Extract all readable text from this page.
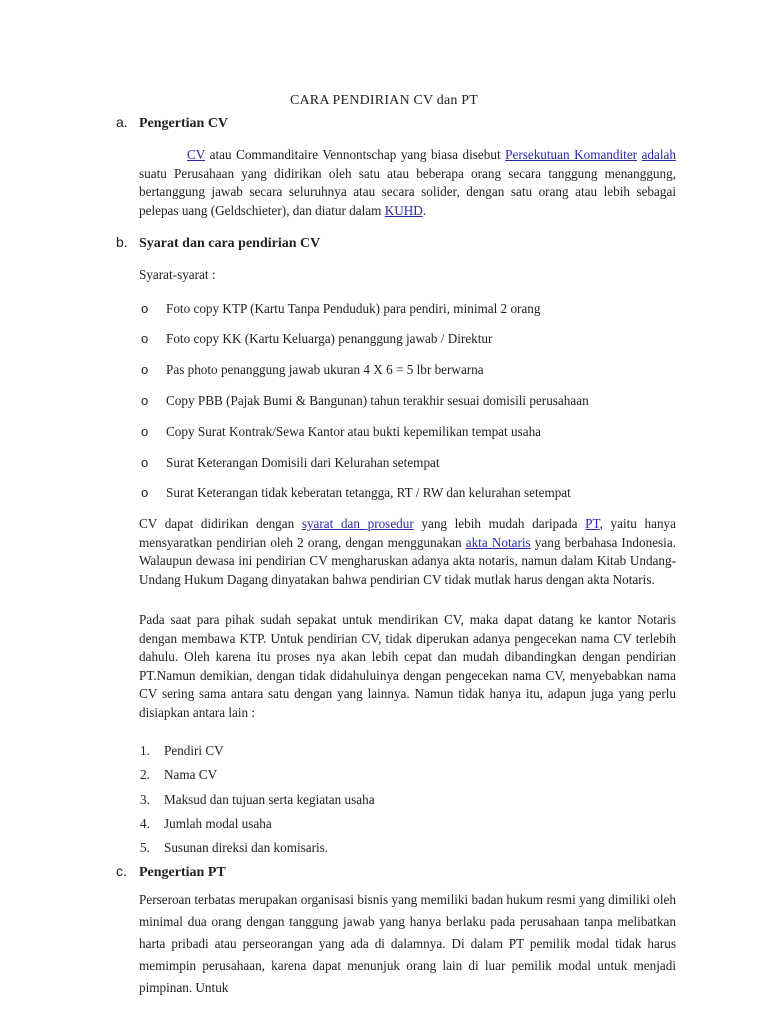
CARA PENDIRIAN CV dan PT
a. Pengertian CV
CV atau Commanditaire Vennontschap yang biasa disebut Persekutuan Komanditer adalah suatu Perusahaan yang didirikan oleh satu atau beberapa orang secara tanggung menanggung, bertanggung jawab secara seluruhnya atau secara solider, dengan satu orang atau lebih sebagai pelepas uang (Geldschieter), dan diatur dalam KUHD.
b. Syarat dan cara pendirian CV
Syarat-syarat :
o Foto copy KTP (Kartu Tanpa Penduduk) para pendiri, minimal 2 orang
o Foto copy KK (Kartu Keluarga) penanggung jawab / Direktur
o Pas photo penanggung jawab ukuran 4 X 6 = 5 lbr berwarna
o Copy PBB (Pajak Bumi & Bangunan) tahun terakhir sesuai domisili perusahaan
o Copy Surat Kontrak/Sewa Kantor atau bukti kepemilikan tempat usaha
o Surat Keterangan Domisili dari Kelurahan setempat
o Surat Keterangan tidak keberatan tetangga, RT / RW dan kelurahan setempat
CV dapat didirikan dengan syarat dan prosedur yang lebih mudah daripada PT, yaitu hanya mensyaratkan pendirian oleh 2 orang, dengan menggunakan akta Notaris yang berbahasa Indonesia. Walaupun dewasa ini pendirian CV mengharuskan adanya akta notaris, namun dalam Kitab Undang-Undang Hukum Dagang dinyatakan bahwa pendirian CV tidak mutlak harus dengan akta Notaris.
Pada saat para pihak sudah sepakat untuk mendirikan CV, maka dapat datang ke kantor Notaris dengan membawa KTP. Untuk pendirian CV, tidak diperukan adanya pengecekan nama CV terlebih dahulu. Oleh karena itu proses nya akan lebih cepat dan mudah dibandingkan dengan pendirian PT.Namun demikian, dengan tidak didahuluinya dengan pengecekan nama CV, menyebabkan nama CV sering sama antara satu dengan yang lainnya. Namun tidak hanya itu, adapun juga yang perlu disiapkan antara lain :
1. Pendiri CV
2. Nama CV
3. Maksud dan tujuan serta kegiatan usaha
4. Jumlah modal usaha
5. Susunan direksi dan komisaris.
c. Pengertian PT
Perseroan terbatas merupakan organisasi bisnis yang memiliki badan hukum resmi yang dimiliki oleh minimal dua orang dengan tanggung jawab yang hanya berlaku pada perusahaan tanpa melibatkan harta pribadi atau perseorangan yang ada di dalamnya. Di dalam PT pemilik modal tidak harus memimpin perusahaan, karena dapat menunjuk orang lain di luar pemilik modal untuk menjadi pimpinan. Untuk
